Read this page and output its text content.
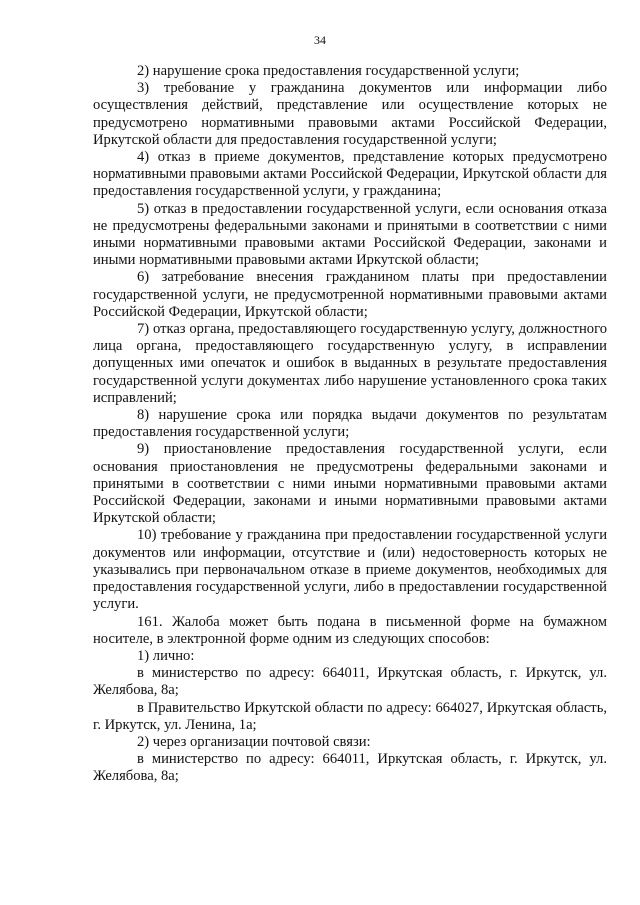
34

2) нарушение срока предоставления государственной услуги;

3) требование у гражданина документов или информации либо осуществления действий, представление или осуществление которых не предусмотрено нормативными правовыми актами Российской Федерации, Иркутской области для предоставления государственной услуги;

4) отказ в приеме документов, представление которых предусмотрено нормативными правовыми актами Российской Федерации, Иркутской области для предоставления государственной услуги, у гражданина;

5) отказ в предоставлении государственной услуги, если основания отказа не предусмотрены федеральными законами и принятыми в соответствии с ними иными нормативными правовыми актами Российской Федерации, законами и иными нормативными правовыми актами Иркутской области;

6) затребование внесения гражданином платы при предоставлении государственной услуги, не предусмотренной нормативными правовыми актами Российской Федерации, Иркутской области;

7) отказ органа, предоставляющего государственную услугу, должностного лица органа, предоставляющего государственную услугу, в исправлении допущенных ими опечаток и ошибок в выданных в результате предоставления государственной услуги документах либо нарушение установленного срока таких исправлений;

8) нарушение срока или порядка выдачи документов по результатам предоставления государственной услуги;

9) приостановление предоставления государственной услуги, если основания приостановления не предусмотрены федеральными законами и принятыми в соответствии с ними иными нормативными правовыми актами Российской Федерации, законами и иными нормативными правовыми актами Иркутской области;

10) требование у гражданина при предоставлении государственной услуги документов или информации, отсутствие и (или) недостоверность которых не указывались при первоначальном отказе в приеме документов, необходимых для предоставления государственной услуги, либо в предоставлении государственной услуги.

161. Жалоба может быть подана в письменной форме на бумажном носителе, в электронной форме одним из следующих способов:

1) лично:

в министерство по адресу: 664011, Иркутская область, г. Иркутск, ул. Желябова, 8а;

в Правительство Иркутской области по адресу: 664027, Иркутская область, г. Иркутск, ул. Ленина, 1а;

2) через организации почтовой связи:

в министерство по адресу: 664011, Иркутская область, г. Иркутск, ул. Желябова, 8а;
